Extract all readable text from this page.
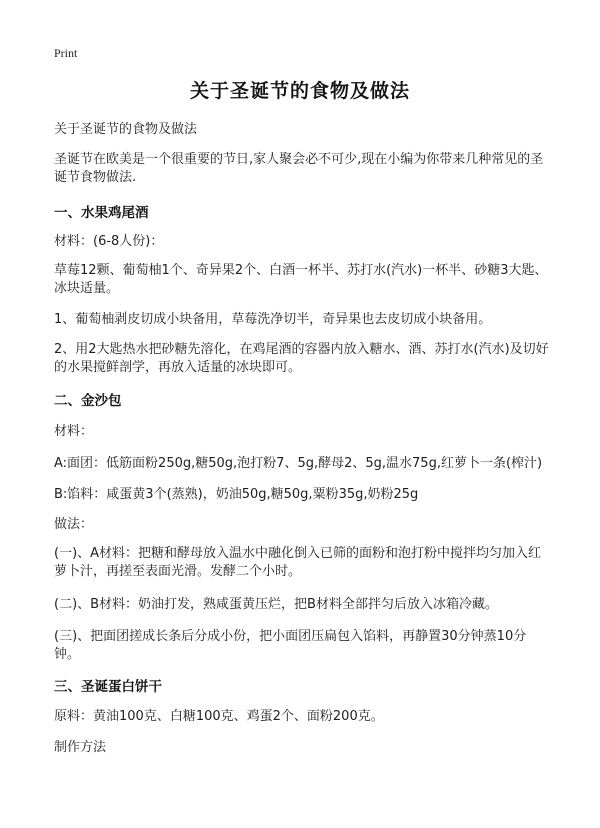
Print
关于圣诞节的食物及做法
关于圣诞节的食物及做法
圣诞节在欧美是一个很重要的节日,家人聚会必不可少,现在小编为你带来几种常见的圣诞节食物做法.
一、水果鸡尾酒
材料：(6-8人份)：
草莓12颗、葡萄柚1个、奇异果2个、白酒一杯半、苏打水(汽水)一杯半、砂糖3大匙、冰块适量。
1、葡萄柚剥皮切成小块备用，草莓洗净切半，奇异果也去皮切成小块备用。
2、用2大匙热水把砂糖先溶化，在鸡尾酒的容器内放入糖水、酒、苏打水(汽水)及切好的水果搅鲜剖学，再放入适量的冰块即可。
二、金沙包
材料：
A:面团：低筋面粉250g,糖50g,泡打粉7、5g,酵母2、5g,温水75g,红萝卜一条(榨汁)
B:馅料：咸蛋黄3个(蒸熟)，奶油50g,糖50g,粟粉35g,奶粉25g
做法：
(一)、A材料：把糖和酵母放入温水中融化倒入已筛的面粉和泡打粉中搅拌均匀加入红 萝卜汁，再搓至表面光滑。发酵二个小时。
(二)、B材料：奶油打发，熟咸蛋黄压烂，把B材料全部拌匀后放入冰箱冷藏。
(三)、把面团搓成长条后分成小份，把小面团压扁包入馅料，再静置30分钟蒸10分钟。
三、圣诞蛋白饼干
原料：黄油100克、白糖100克、鸡蛋2个、面粉200克。
制作方法
